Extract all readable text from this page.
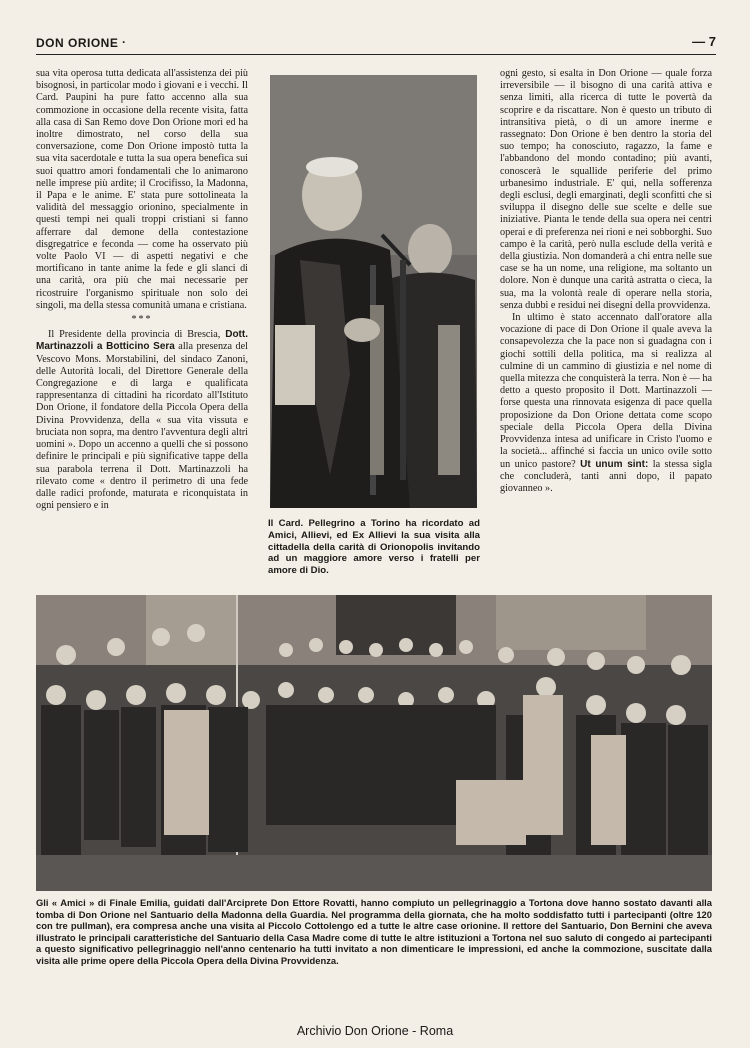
DON ORIONE ·	— 7

sua vita operosa tutta dedicata all'assistenza dei più bisognosi, in particolar modo i giovani e i vecchi. Il Card. Paupini ha pure fatto accenno alla sua commozione in occasione della recente visita, fatta alla casa di San Remo dove Don Orione morì ed ha inoltre dimostrato, nel corso della sua conversazione, come Don Orione impostò tutta la sua vita sacerdotale e tutta la sua opera benefica sui suoi quattro amori fondamentali che lo animarono nelle imprese più ardite; il Crocifisso, la Madonna, il Papa e le anime. E' stata pure sottolineata la validità del messaggio orionino, specialmente in questi tempi nei quali troppi cristiani si fanno afferrare dal demone della contestazione disgregatrice e feconda — come ha osservato più volte Paolo VI — di aspetti negativi e che mortificano in tante anime la fede e gli slanci di una carità, ora più che mai necessarie per ricostruire l'organismo spirituale non solo dei singoli, ma della stessa comunità umana e cristiana.

***

Il Presidente della provincia di Brescia, Dott. Martinazzoli a Botticino Sera alla presenza del Vescovo Mons. Morstabilini, del sindaco Zanoni, delle Autorità locali, del Direttore Generale della Congregazione e di larga e qualificata rappresentanza di cittadini ha ricordato all'Istituto Don Orione, il fondatore della Piccola Opera della Divina Provvidenza, della « sua vita vissuta e bruciata non sopra, ma dentro l'avventura degli altri uomini ». Dopo un accenno a quelli che si possono definire le principali e più significative tappe della sua parabola terrena il Dott. Martinazzoli ha rilevato come « dentro il perimetro di una fede dalle radici profonde, maturata e riconquistata in ogni pensiero e in

Il Card. Pellegrino a Torino ha ricordato ad Amici, Allievi, ed Ex Allievi la sua visita alla cittadella della carità di Orionopolis invitando ad un maggiore amore verso i fratelli per amore di Dio.

ogni gesto, si esalta in Don Orione — quale forza irreversibile — il bisogno di una carità attiva e senza limiti, alla ricerca di tutte le povertà da scoprire e da riscattare. Non è questo un tributo di intransitiva pietà, o di un amore inerme e rassegnato: Don Orione è ben dentro la storia del suo tempo; ha conosciuto, ragazzo, la fame e l'abbandono del mondo contadino; più avanti, conoscerà le squallide periferie del primo urbanesimo industriale. E' qui, nella sofferenza degli esclusi, degli emarginati, degli sconfitti che si sviluppa il disegno delle sue scelte e delle sue iniziative. Pianta le tende della sua opera nei centri operai e di preferenza nei rioni e nei sobborghi. Suo campo è la carità, però nulla esclude della verità e della giustizia. Non domanderà a chi entra nelle sue case se ha un nome, una religione, ma soltanto un dolore. Non è dunque una carità astratta o cieca, la sua, ma la volontà reale di operare nella storia, senza dubbi e residui nei disegni della provvidenza.

In ultimo è stato accennato dall'oratore alla vocazione di pace di Don Orione il quale aveva la consapevolezza che la pace non si guadagna con i giochi sottili della politica, ma si realizza al culmine di un cammino di giustizia e nel nome di quella mitezza che conquisterà la terra. Non è — ha detto a questo proposito il Dott. Martinazzoli — forse questa una rinnovata esigenza di pace quella proposizione da Don Orione dettata come scopo speciale della Piccola Opera della Divina Provvidenza intesa ad unificare in Cristo l'uomo e la società... affinché si faccia un unico ovile sotto un unico pastore? Ut unum sint: la stessa sigla che concluderà, tanti anni dopo, il papato giovanneo ».

Gli « Amici » di Finale Emilia, guidati dall'Arciprete Don Ettore Rovatti, hanno compiuto un pellegrinaggio a Tortona dove hanno sostato davanti alla tomba di Don Orione nel Santuario della Madonna della Guardia. Nel programma della giornata, che ha molto soddisfatto tutti i partecipanti (oltre 120 con tre pullman), era compresa anche una visita al Piccolo Cottolengo ed a tutte le altre case orionine. Il rettore del Santuario, Don Bernini che aveva illustrato le principali caratteristiche del Santuario della Casa Madre come di tutte le altre istituzioni a Tortona nel suo saluto di congedo ai partecipanti a questo significativo pellegrinaggio nell'anno centenario ha tutti invitato a non dimenticare le impressioni, ed anche la commozione, suscitate dalla visita alle prime opere della Piccola Opera della Divina Provvidenza.
Archivio Don Orione - Roma
